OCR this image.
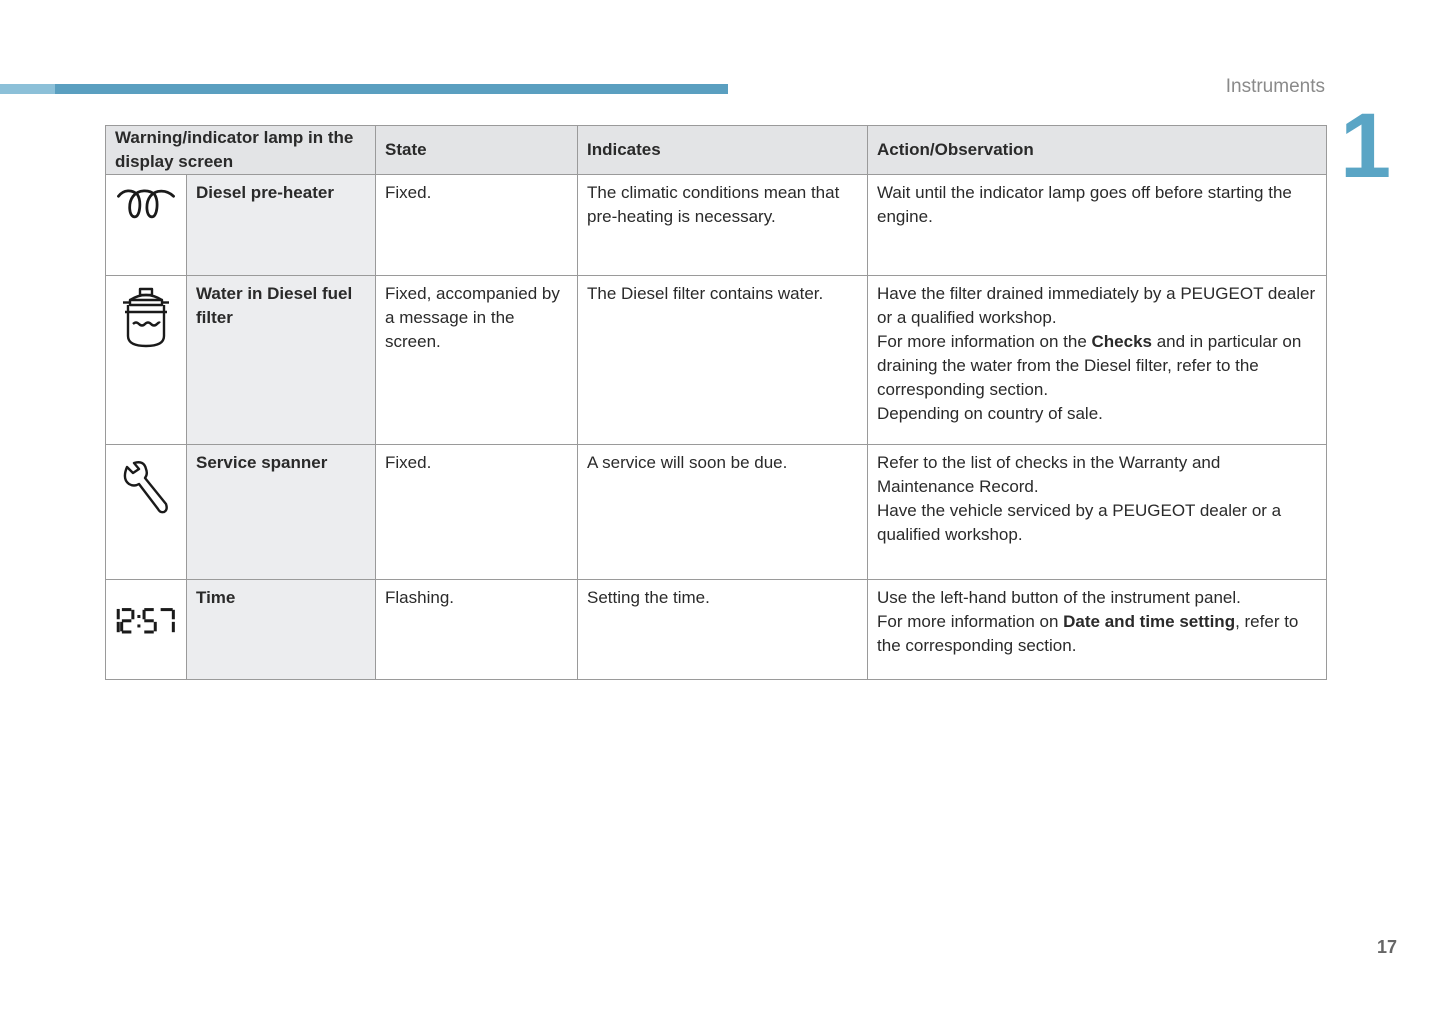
Instruments
1
17
Warning/indicator lamp in the display screen		State	Indicates	Action/Observation

	Diesel pre-heater	Fixed.	The climatic conditions mean that pre-heating is necessary.	Wait until the indicator lamp goes off before starting the engine.

	Water in Diesel fuel filter	Fixed, accompanied by a message in the screen.	The Diesel filter contains water.	Have the filter drained immediately by a PEUGEOT dealer or a qualified workshop.
For more information on the Checks and in particular on draining the water from the Diesel filter, refer to the corresponding section.
Depending on country of sale.

	Service spanner	Fixed.	A service will soon be due.	Refer to the list of checks in the Warranty and Maintenance Record.
Have the vehicle serviced by a PEUGEOT dealer or a qualified workshop.

	Time	Flashing.	Setting the time.	Use the left-hand button of the instrument panel.
For more information on Date and time setting, refer to the corresponding section.
